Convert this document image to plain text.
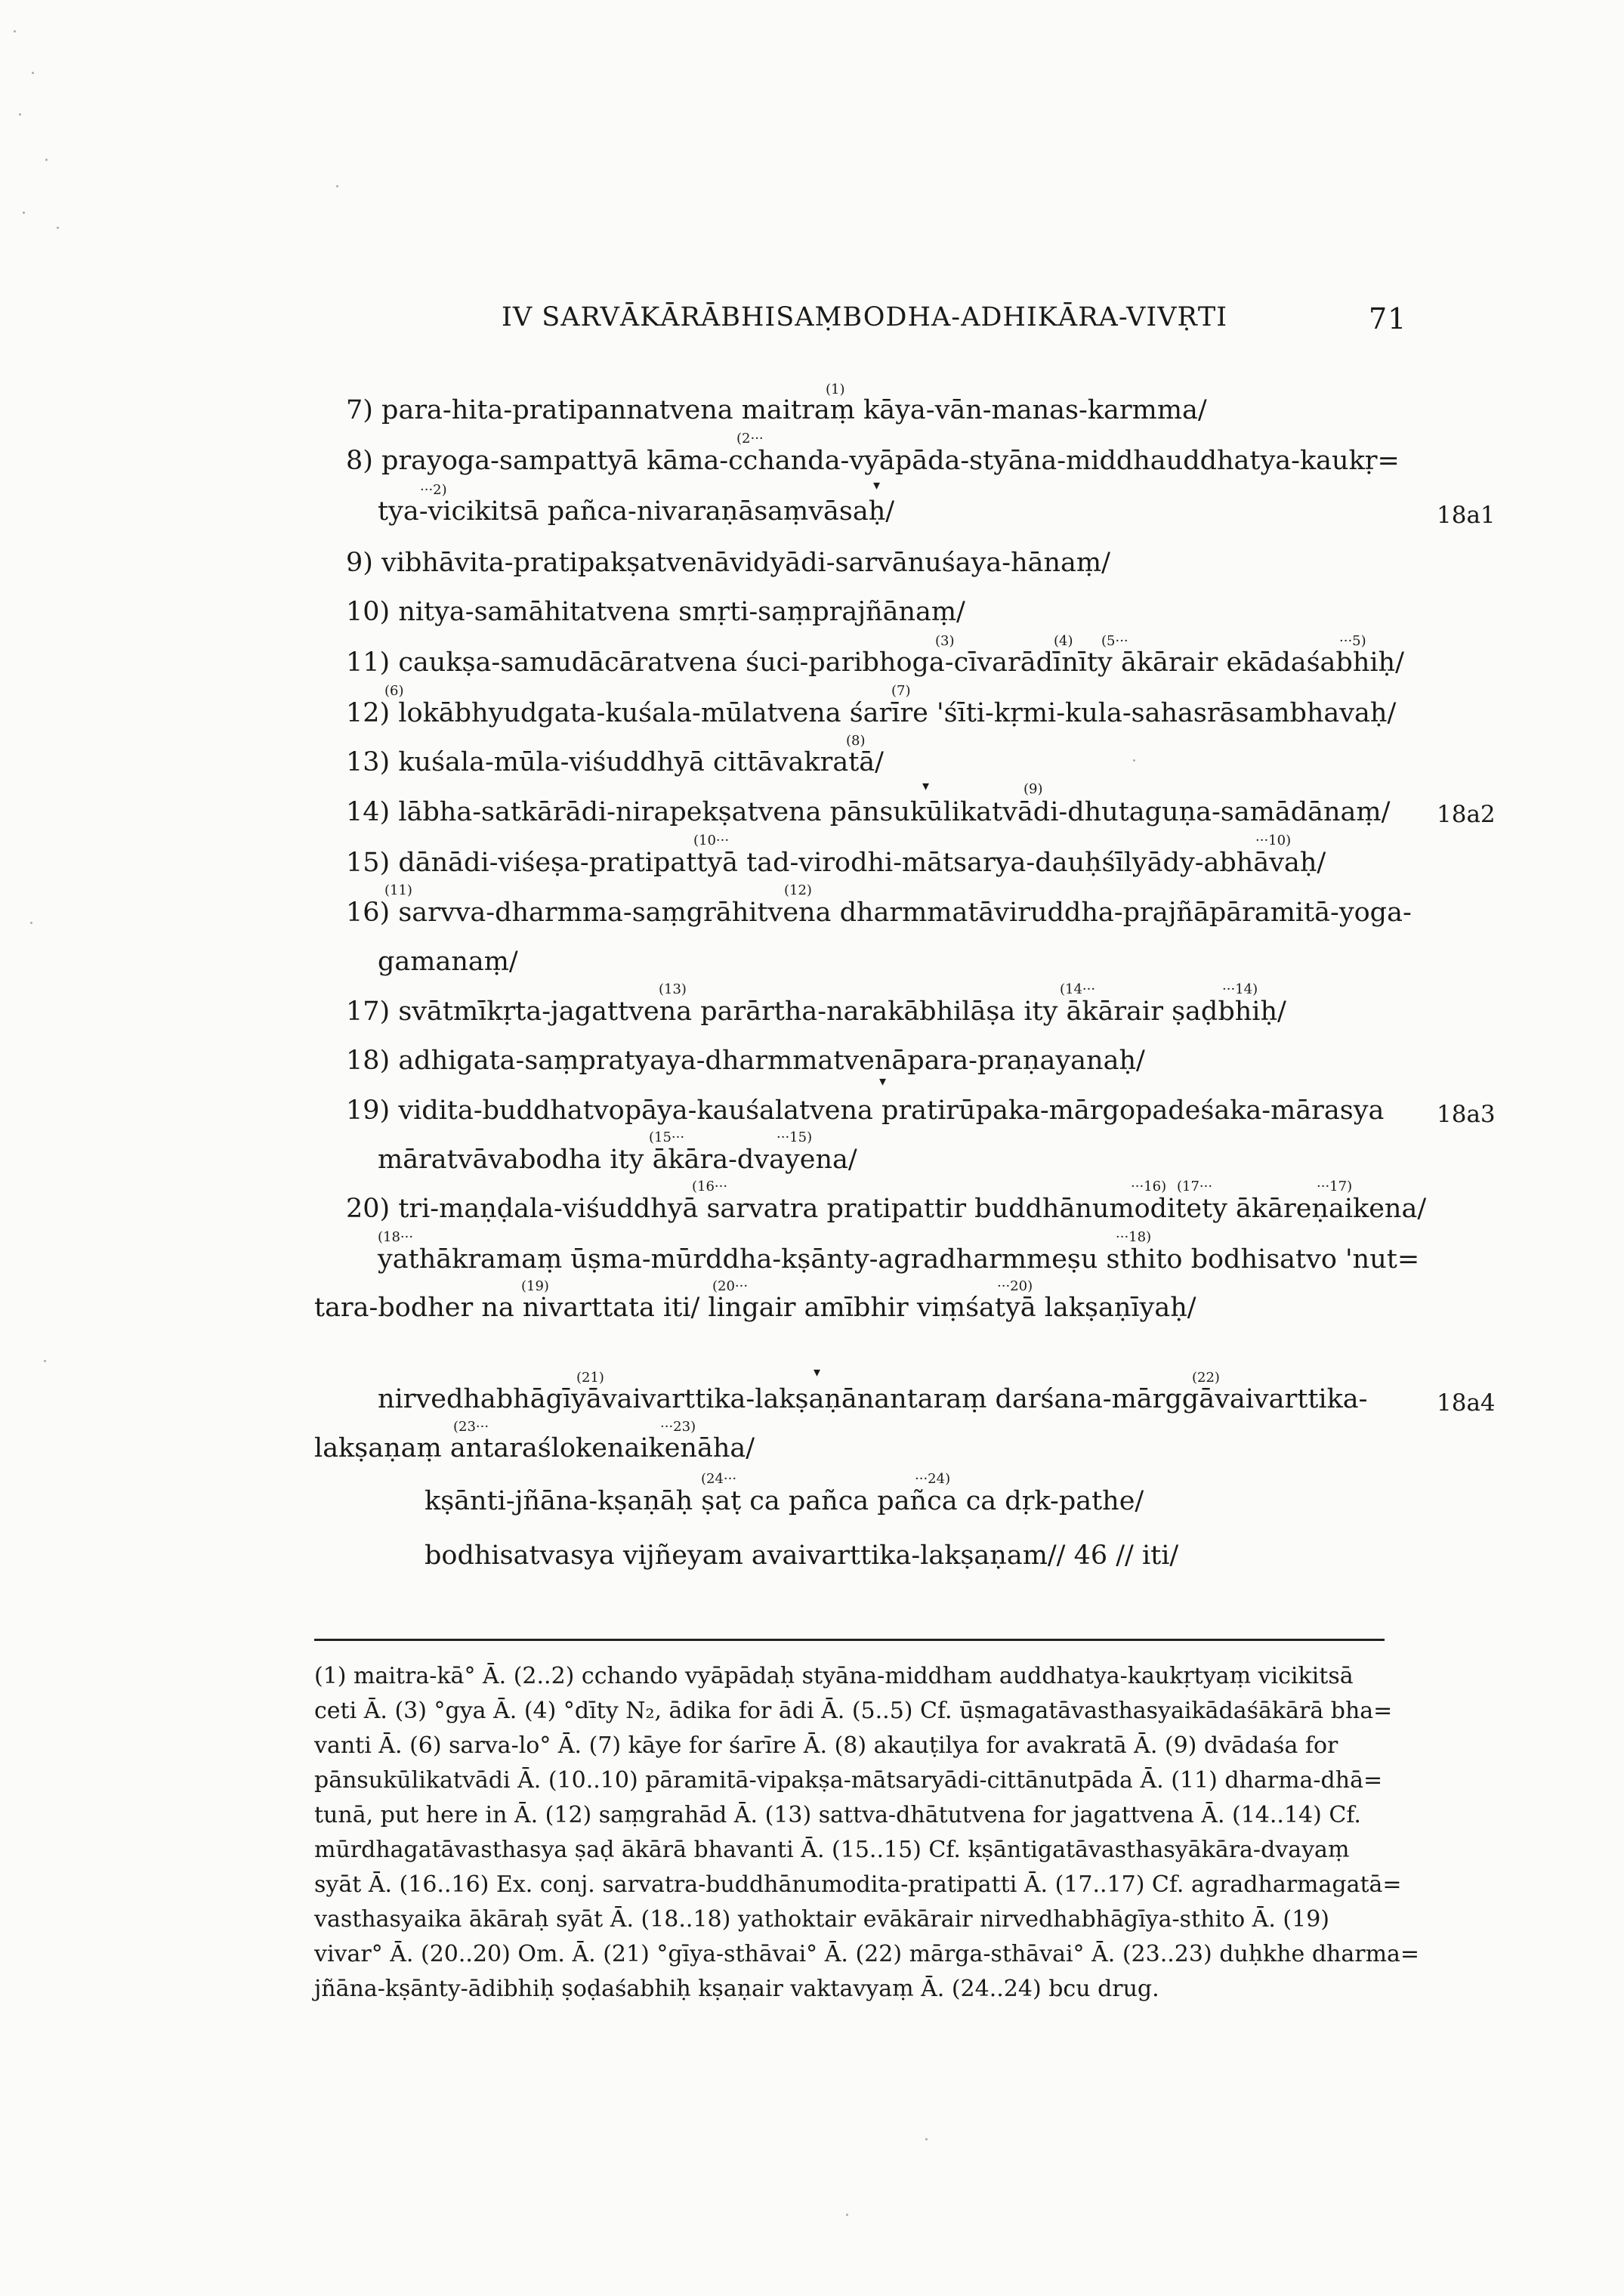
IV SARVĀKĀRĀBHISAṂBODHA-ADHIKĀRA-VIVṚTI	71
7) para-hita-pratipannatvena maitraṃ kāya-vān-manas-karmma/
8) prayoga-sampattyā kāma-cchanda-vyāpāda-styāna-middhauddhatya-kaukṛ=
tya-vicikitsā pañca-nivaraṇāsaṃvāsaḥ/
9) vibhāvita-pratipakṣatvenāvidyādi-sarvānuśaya-hānaṃ/
10) nitya-samāhitatvena smṛti-saṃprajñānaṃ/
11) caukṣa-samudācāratvena śuci-paribhoga-cīvarādīnīty ākārair ekādaśabhiḥ/
12) lokābhyudgata-kuśala-mūlatvena śarīre 'śīti-kṛmi-kula-sahasrāsambhavaḥ/
13) kuśala-mūla-viśuddhyā cittāvakratā/
14) lābha-satkārādi-nirapekṣatvena pānsukūlikatvādi-dhutaguṇa-samādānaṃ/
15) dānādi-viśeṣa-pratipattyā tad-virodhi-mātsarya-dauḥśīlyādy-abhāvaḥ/
16) sarvva-dharmma-saṃgrāhitvena dharmmatāviruddha-prajñāpāramitā-yoga-
gamanaṃ/
17) svātmīkṛta-jagattvena parārtha-narakābhilāṣa ity ākārair ṣaḍbhiḥ/
18) adhigata-saṃpratyaya-dharmmatvenāpara-praṇayanaḥ/
19) vidita-buddhatvopāya-kauśalatvena pratirūpaka-mārgopadeśaka-mārasya
māratvāvabodha ity ākāra-dvayena/
20) tri-maṇḍala-viśuddhyā sarvatra pratipattir buddhānumoditety ākāreṇaikena/
yathākramaṃ ūṣma-mūrddha-kṣānty-agradharmmeṣu sthito bodhisatvo 'nut=
tara-bodher na nivarttata iti/ lingair amībhir viṃśatyā lakṣaṇīyaḥ/
nirvedhabhāgīyāvaivarttika-lakṣaṇānantaraṃ darśana-mārggāvaivarttika-
lakṣaṇaṃ antaraślokenaikenāha/
kṣānti-jñāna-kṣaṇāḥ ṣaṭ ca pañca pañca ca dṛk-pathe/
bodhisatvasya vijñeyam avaivarttika-lakṣaṇam// 46 // iti/
18a1
18a2
18a3
18a4
(1)
(2···
···2)	▾
(3)	(4) (5···	···5)
(6)	(7)
(8)
▾	(9)
(10···	···10)
(11)	(12)
(13)	(14···	···14)
▾
(15···	···15)
(16···	···16) (17···	···17)
(18···	···18)
(19)	(20···	···20)
(21)	▾	(22)
(23···	···23)
(24···	···24)
(1) maitra-kā° Ā. (2..2) cchando vyāpādaḥ styāna-middham auddhatya-kaukṛtyaṃ vicikitsā
ceti Ā. (3) °gya Ā. (4) °dīty N₂, ādika for ādi Ā. (5..5) Cf. ūṣmagatāvasthasyaikādaśākārā bha=
vanti Ā. (6) sarva-lo° Ā. (7) kāye for śarīre Ā. (8) akauṭilya for avakratā Ā. (9) dvādaśa for
pānsukūlikatvādi Ā. (10..10) pāramitā-vipakṣa-mātsaryādi-cittānutpāda Ā. (11) dharma-dhā=
tunā, put here in Ā. (12) saṃgrahād Ā. (13) sattva-dhātutvena for jagattvena Ā. (14..14) Cf.
mūrdhagatāvasthasya ṣaḍ ākārā bhavanti Ā. (15..15) Cf. kṣāntigatāvasthasyākāra-dvayaṃ
syāt Ā. (16..16) Ex. conj. sarvatra-buddhānumodita-pratipatti Ā. (17..17) Cf. agradharmagatā=
vasthasyaika ākāraḥ syāt Ā. (18..18) yathoktair evākārair nirvedhabhāgīya-sthito Ā. (19)
vivar° Ā. (20..20) Om. Ā. (21) °gīya-sthāvai° Ā. (22) mārga-sthāvai° Ā. (23..23) duḥkhe dharma=
jñāna-kṣānty-ādibhiḥ ṣoḍaśabhiḥ kṣaṇair vaktavyaṃ Ā. (24..24) bcu drug.
